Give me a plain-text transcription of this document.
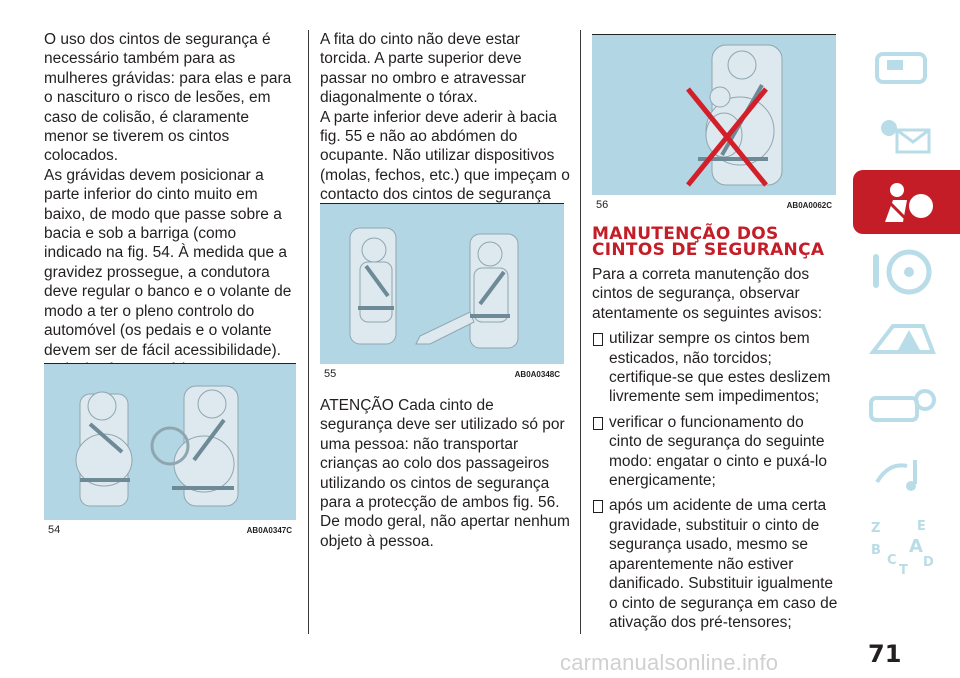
O uso dos cintos de segurança é necessário também para as mulheres grávidas: para elas e para o nascituro o risco de lesões, em caso de colisão, é claramente menor se tiverem os cintos colocados.

As grávidas devem posicionar a parte inferior do cinto muito em baixo, de modo que passe sobre a bacia e sob a barriga (como indicado na fig. 54. À medida que a gravidez prossegue, a condutora deve regular o banco e o volante de modo a ter o pleno controlo do automóvel (os pedais e o volante devem ser de fácil acessibilidade).

54	AB0A0347C

A fita do cinto não deve estar torcida. A parte superior deve passar no ombro e atravessar diagonalmente o tórax.

A parte inferior deve aderir à bacia fig. 55 e não ao abdómen do ocupante. Não utilizar dispositivos (molas, fechos, etc.) que impeçam o contacto dos cintos de segurança

55	AB0A0348C

ATENÇÃO Cada cinto de segurança deve ser utilizado só por uma pessoa: não transportar crianças ao colo dos passageiros utilizando os cintos de segurança para a protecção de ambos fig. 56. De modo geral, não apertar nenhum objeto à pessoa.

56	AB0A0062C
MANUTENÇÃO DOS
CINTOS DE SEGURANÇA

Para a correta manutenção dos cintos de segurança, observar atentamente os seguintes avisos:

utilizar sempre os cintos bem esticados, não torcidos; certifique-se que estes deslizem livremente sem impedimentos;
verificar o funcionamento do cinto de segurança do seguinte modo: engatar o cinto e puxá-lo energicamente;
após um acidente de uma certa gravidade, substituir o cinto de segurança usado, mesmo se aparentemente não estiver danificado. Substituir igualmente o cinto de segurança em caso de ativação dos pré-tensores;
Z	E
B A
C
T
D
71
carmanualsonline.info
